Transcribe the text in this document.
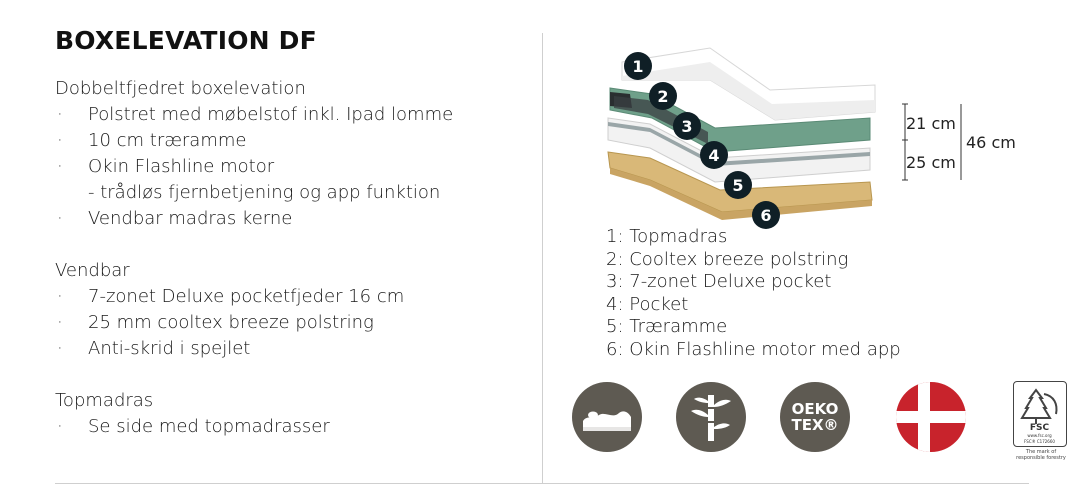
BOXELEVATION DF

Dobbeltfjedret boxelevation

· Polstret med møbelstof inkl. Ipad lomme
· 10 cm træramme
· Okin Flashline motor
- trådløs fjernbetjening og app funktion
· Vendbar madras kerne

Vendbar

· 7-zonet Deluxe pocketfjeder 16 cm
· 25 mm cooltex breeze polstring
· Anti-skrid i spejlet

Topmadras

· Se side med topmadrasser
1
2
3
4
5
6
21 cm
25 cm
46 cm
1: Topmadras
2: Cooltex breeze polstring
3: 7-zonet Deluxe pocket
4: Pocket
5: Træramme
6: Okin Flashline motor med app
OEKO
TEX®	FSC
www.fsc.org
FSC® C172660
The mark of responsible forestry
